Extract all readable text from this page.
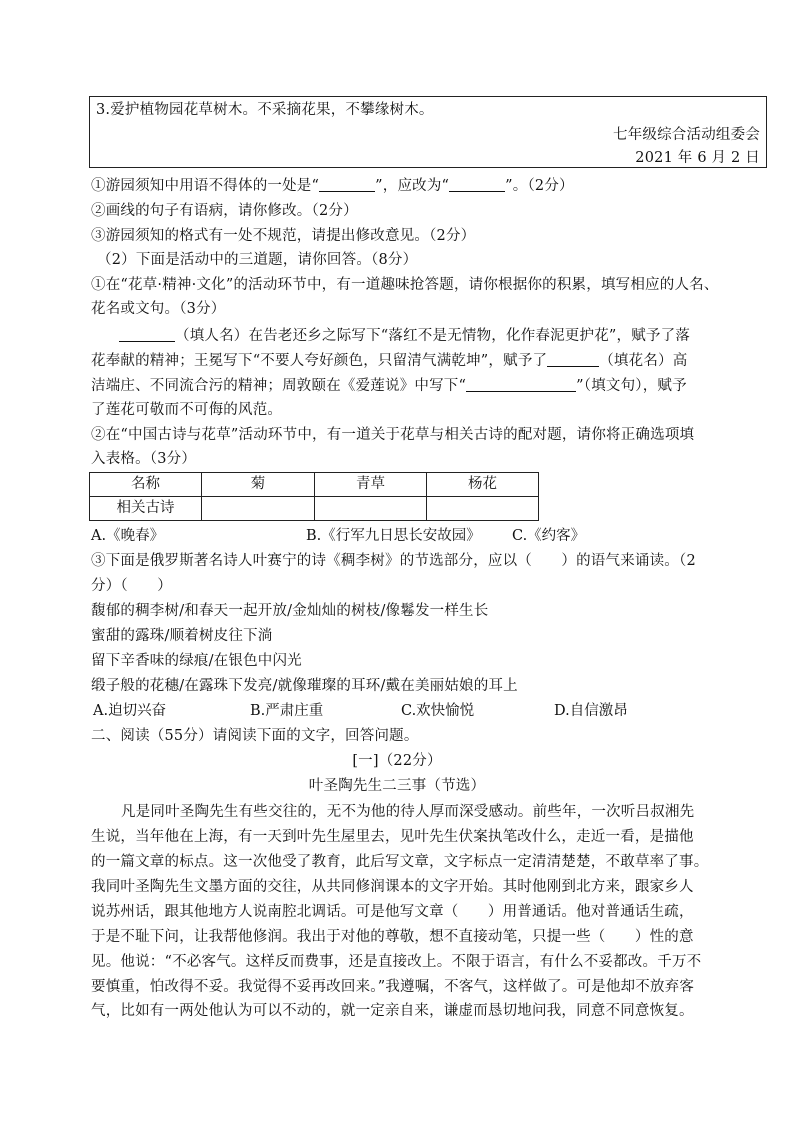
3.爱护植物园花草树木。不采摘花果，不攀缘树木。
七年级综合活动组委会
2021 年 6 月 2 日
①游园须知中用语不得体的一处是“	”，应改为“	”。（2分）
②画线的句子有语病，请你修改。（2分）
③游园须知的格式有一处不规范，请提出修改意见。（2分）
（2）下面是活动中的三道题，请你回答。（8分）
①在“花草·精神·文化”的活动环节中，有一道趣味抢答题，请你根据你的积累，填写相应的人名、
花名或文句。（3分）
（填人名）在告老还乡之际写下“落红不是无情物，化作春泥更护花”，赋予了落
花奉献的精神；王冕写下“不要人夸好颜色，只留清气满乾坤”，赋予了	（填花名）高
洁端庄、不同流合污的精神；周敦颐在《爱莲说》中写下“	”（填文句），赋予
了莲花可敬而不可侮的风范。
②在“中国古诗与花草”活动环节中，有一道关于花草与相关古诗的配对题，请你将正确选项填
入表格。（3分）
名称	菊	青草	杨花
相关古诗			
A.《晚春》	B.《行军九日思长安故园》 C.《约客》
③下面是俄罗斯著名诗人叶赛宁的诗《稠李树》的节选部分，应以（　　）的语气来诵读。（2
分）（　　）
馥郁的稠李树/和春天一起开放/金灿灿的树枝/像鬈发一样生长
蜜甜的露珠/顺着树皮往下淌
留下辛香味的绿痕/在银色中闪光
缎子般的花穗/在露珠下发亮/就像璀璨的耳环/戴在美丽姑娘的耳上
A.迫切兴奋	B.严肃庄重	C.欢快愉悦	D.自信激昂
二、阅读（55分）请阅读下面的文字，回答问题。
[一]（22分）
叶圣陶先生二三事（节选）
凡是同叶圣陶先生有些交往的，无不为他的待人厚而深受感动。前些年，一次听吕叔湘先
生说，当年他在上海，有一天到叶先生屋里去，见叶先生伏案执笔改什么，走近一看，是描他
的一篇文章的标点。这一次他受了教育，此后写文章，文字标点一定清清楚楚，不敢草率了事。
我同叶圣陶先生文墨方面的交往，从共同修润课本的文字开始。其时他刚到北方来，跟家乡人
说苏州话，跟其他地方人说南腔北调话。可是他写文章（　　）用普通话。他对普通话生疏，
于是不耻下问，让我帮他修润。我出于对他的尊敬，想不直接动笔，只提一些（　　）性的意
见。他说：“不必客气。这样反而费事，还是直接改上。不限于语言，有什么不妥都改。千万不
要慎重，怕改得不妥。我觉得不妥再改回来。”我遵嘱，不客气，这样做了。可是他却不放弃客
气，比如有一两处他认为可以不动的，就一定亲自来，谦虚而恳切地问我，同意不同意恢复。
